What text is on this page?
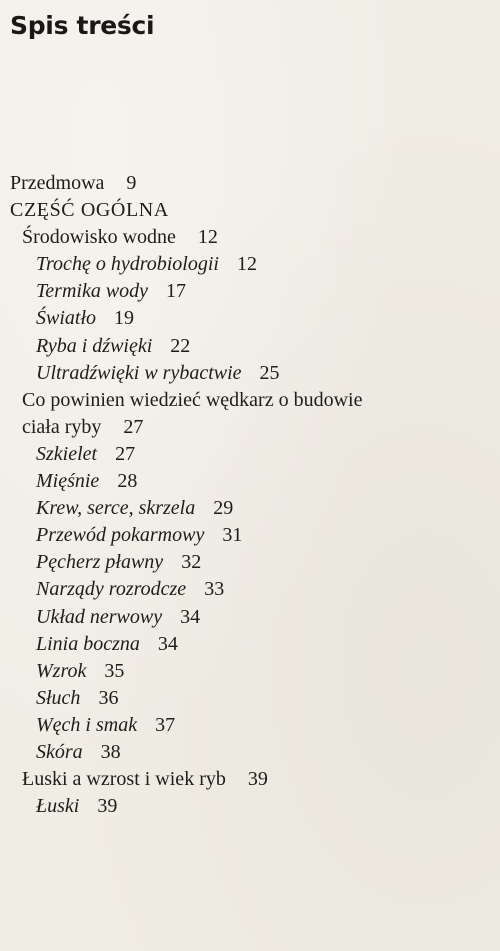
Spis treści
Przedmowa 9
CZĘŚĆ OGÓLNA
Środowisko wodne 12
Trochę o hydrobiologii 12
Termika wody 17
Światło 19
Ryba i dźwięki 22
Ultradźwięki w rybactwie 25
Co powinien wiedzieć wędkarz o budowie
ciała ryby 27
Szkielet 27
Mięśnie 28
Krew, serce, skrzela 29
Przewód pokarmowy 31
Pęcherz pławny 32
Narządy rozrodcze 33
Układ nerwowy 34
Linia boczna 34
Wzrok 35
Słuch 36
Węch i smak 37
Skóra 38
Łuski a wzrost i wiek ryb 39
Łuski 39
